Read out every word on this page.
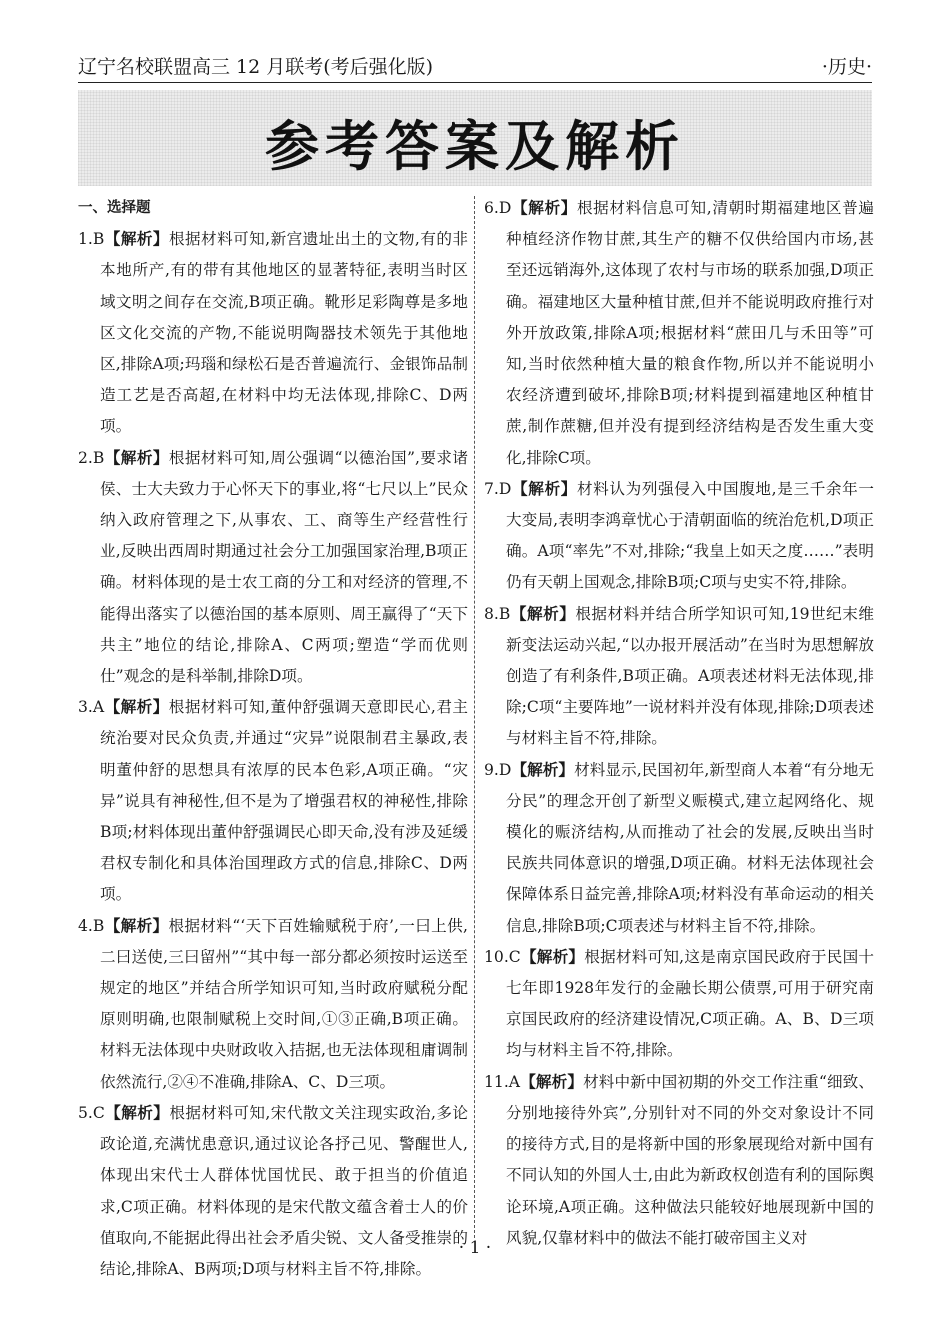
辽宁名校联盟高三 12 月联考(考后强化版)	·历史·
参考答案及解析
一、选择题
1.B【解析】根据材料可知,新宫遗址出土的文物,有的非本地所产,有的带有其他地区的显著特征,表明当时区域文明之间存在交流,B项正确。靴形足彩陶尊是多地区文化交流的产物,不能说明陶器技术领先于其他地区,排除A项;玛瑙和绿松石是否普遍流行、金银饰品制造工艺是否高超,在材料中均无法体现,排除C、D两项。
2.B【解析】根据材料可知,周公强调“以德治国”,要求诸侯、士大夫致力于心怀天下的事业,将“七尺以上”民众纳入政府管理之下,从事农、工、商等生产经营性行业,反映出西周时期通过社会分工加强国家治理,B项正确。材料体现的是士农工商的分工和对经济的管理,不能得出落实了以德治国的基本原则、周王赢得了“天下共主”地位的结论,排除A、C两项;塑造“学而优则仕”观念的是科举制,排除D项。
3.A【解析】根据材料可知,董仲舒强调天意即民心,君主统治要对民众负责,并通过“灾异”说限制君主暴政,表明董仲舒的思想具有浓厚的民本色彩,A项正确。“灾异”说具有神秘性,但不是为了增强君权的神秘性,排除B项;材料体现出董仲舒强调民心即天命,没有涉及延缓君权专制化和具体治国理政方式的信息,排除C、D两项。
4.B【解析】根据材料“‘天下百姓输赋税于府’,一曰上供,二曰送使,三曰留州”“其中每一部分都必须按时运送至规定的地区”并结合所学知识可知,当时政府赋税分配原则明确,也限制赋税上交时间,①③正确,B项正确。材料无法体现中央财政收入拮据,也无法体现租庸调制依然流行,②④不准确,排除A、C、D三项。
5.C【解析】根据材料可知,宋代散文关注现实政治,多论政论道,充满忧患意识,通过议论各抒己见、警醒世人,体现出宋代士人群体忧国忧民、敢于担当的价值追求,C项正确。材料体现的是宋代散文蕴含着士人的价值取向,不能据此得出社会矛盾尖锐、文人备受推崇的结论,排除A、B两项;D项与材料主旨不符,排除。
6.D【解析】根据材料信息可知,清朝时期福建地区普遍种植经济作物甘蔗,其生产的糖不仅供给国内市场,甚至还远销海外,这体现了农村与市场的联系加强,D项正确。福建地区大量种植甘蔗,但并不能说明政府推行对外开放政策,排除A项;根据材料“蔗田几与禾田等”可知,当时依然种植大量的粮食作物,所以并不能说明小农经济遭到破坏,排除B项;材料提到福建地区种植甘蔗,制作蔗糖,但并没有提到经济结构是否发生重大变化,排除C项。
7.D【解析】材料认为列强侵入中国腹地,是三千余年一大变局,表明李鸿章忧心于清朝面临的统治危机,D项正确。A项“率先”不对,排除;“我皇上如天之度……”表明仍有天朝上国观念,排除B项;C项与史实不符,排除。
8.B【解析】根据材料并结合所学知识可知,19世纪末维新变法运动兴起,“以办报开展活动”在当时为思想解放创造了有利条件,B项正确。A项表述材料无法体现,排除;C项“主要阵地”一说材料并没有体现,排除;D项表述与材料主旨不符,排除。
9.D【解析】材料显示,民国初年,新型商人本着“有分地无分民”的理念开创了新型义赈模式,建立起网络化、规模化的赈济结构,从而推动了社会的发展,反映出当时民族共同体意识的增强,D项正确。材料无法体现社会保障体系日益完善,排除A项;材料没有革命运动的相关信息,排除B项;C项表述与材料主旨不符,排除。
10.C【解析】根据材料可知,这是南京国民政府于民国十七年即1928年发行的金融长期公债票,可用于研究南京国民政府的经济建设情况,C项正确。A、B、D三项均与材料主旨不符,排除。
11.A【解析】材料中新中国初期的外交工作注重“细致、分别地接待外宾”,分别针对不同的外交对象设计不同的接待方式,目的是将新中国的形象展现给对新中国有不同认知的外国人士,由此为新政权创造有利的国际舆论环境,A项正确。这种做法只能较好地展现新中国的风貌,仅靠材料中的做法不能打破帝国主义对
· 1 ·
